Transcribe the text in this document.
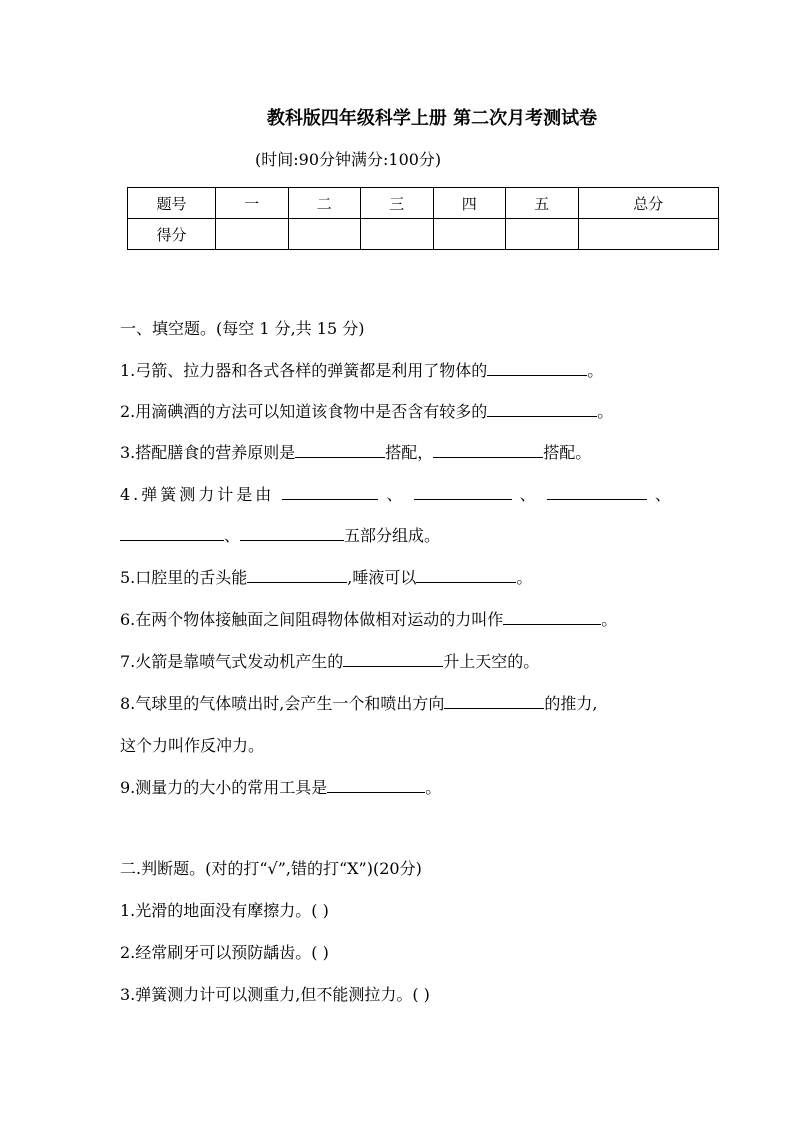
教科版四年级科学上册 第二次月考测试卷
(时间:90分钟满分:100分)
题号	一	二	三	四	五	总分
得分						
一、填空题。(每空 1 分,共 15 分)
1.弓箭、拉力器和各式各样的弹簧都是利用了物体的	。
2.用滴碘酒的方法可以知道该食物中是否含有较多的	。
3.搭配膳食的营养原则是	搭配，	搭配。
4.弹簧测力计是由	、	、	、
、	五部分组成。
5.口腔里的舌头能	,唾液可以	。
6.在两个物体接触面之间阻碍物体做相对运动的力叫作	。
7.火箭是靠喷气式发动机产生的	升上天空的。
8.气球里的气体喷出时,会产生一个和喷出方向	的推力,
这个力叫作反冲力。
9.测量力的大小的常用工具是	。
二.判断题。(对的打“√”,错的打“X”)(20分)
1.光滑的地面没有摩擦力。( )
2.经常刷牙可以预防龋齿。( )
3.弹簧测力计可以测重力,但不能测拉力。( )
